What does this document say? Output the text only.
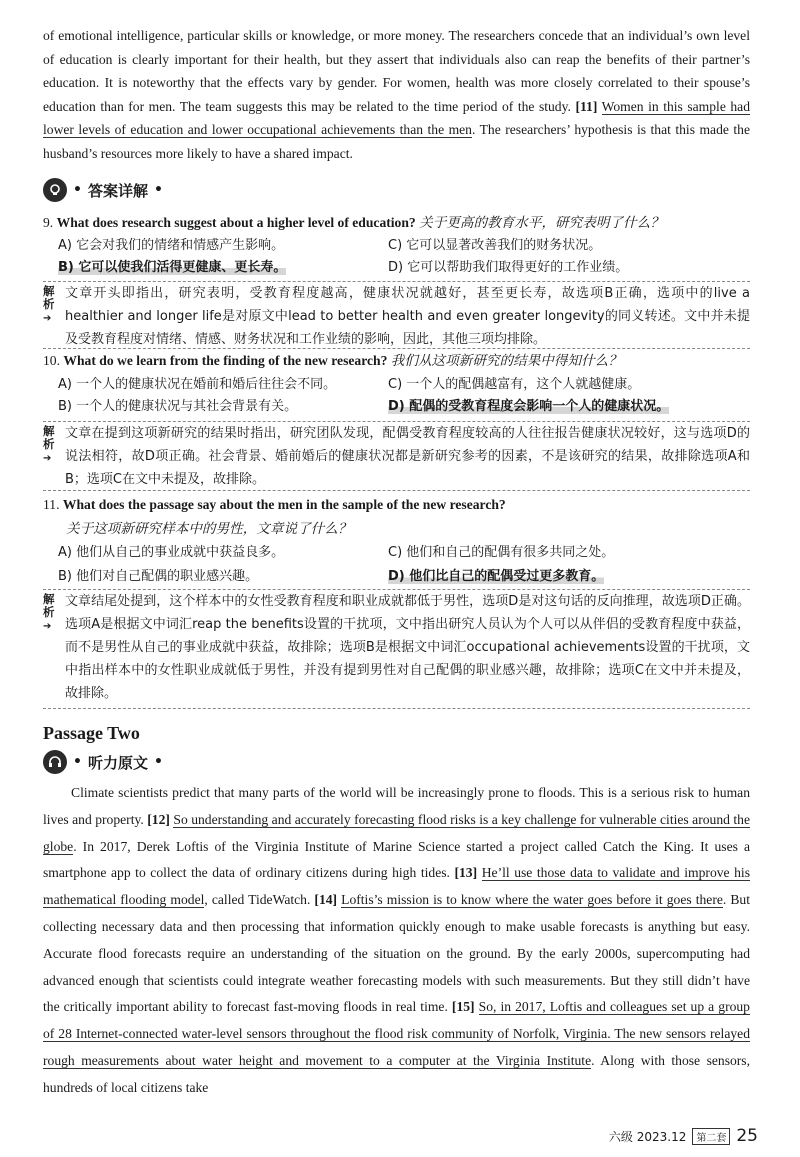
of emotional intelligence, particular skills or knowledge, or more money. The researchers concede that an individual’s own level of education is clearly important for their health, but they assert that individuals also can reap the benefits of their partner’s education. It is noteworthy that the effects vary by gender. For women, health was more closely correlated to their spouse’s education than for men. The team suggests this may be related to the time period of the study. [11] Women in this sample had lower levels of education and lower occupational achievements than the men. The researchers’ hypothesis is that this made the husband’s resources more likely to have a shared impact.
• 答案详解 •
9. What does research suggest about a higher level of education? 关于更高的教育水平，研究表明了什么？
A) 它会对我们的情绪和情感产生影响。	C) 它可以显著改善我们的财务状况。
B) 它可以使我们活得更健康、更长寿。	D) 它可以帮助我们取得更好的工作业绩。
解析➔
文章开头即指出，研究表明，受教育程度越高，健康状况就越好，甚至更长寿，故选项B正确，选项中的live a healthier and longer life是对原文中lead to better health and even greater longevity的同义转述。文中并未提及受教育程度对情绪、情感、财务状况和工作业绩的影响，因此，其他三项均排除。
10. What do we learn from the finding of the new research? 我们从这项新研究的结果中得知什么？
A) 一个人的健康状况在婚前和婚后往往会不同。	C) 一个人的配偶越富有，这个人就越健康。
B) 一个人的健康状况与其社会背景有关。	D) 配偶的受教育程度会影响一个人的健康状况。
解析➔
文章在提到这项新研究的结果时指出，研究团队发现，配偶受教育程度较高的人往往报告健康状况较好，这与选项D的说法相符，故D项正确。社会背景、婚前婚后的健康状况都是新研究参考的因素，不是该研究的结果，故排除选项A和B；选项C在文中未提及，故排除。
11. What does the passage say about the men in the sample of the new research?
关于这项新研究样本中的男性，文章说了什么？
A) 他们从自己的事业成就中获益良多。	C) 他们和自己的配偶有很多共同之处。
B) 他们对自己配偶的职业感兴趣。	D) 他们比自己的配偶受过更多教育。
解析➔
文章结尾处提到，这个样本中的女性受教育程度和职业成就都低于男性，选项D是对这句话的反向推理，故选项D正确。选项A是根据文中词汇reap the benefits设置的干扰项，文中指出研究人员认为个人可以从伴侣的受教育程度中获益，而不是男性从自己的事业成就中获益，故排除；选项B是根据文中词汇occupational achievements设置的干扰项，文中指出样本中的女性职业成就低于男性，并没有提到男性对自己配偶的职业感兴趣，故排除；选项C在文中并未提及，故排除。
Passage Two
• 听力原文 •
Climate scientists predict that many parts of the world will be increasingly prone to floods. This is a serious risk to human lives and property. [12] So understanding and accurately forecasting flood risks is a key challenge for vulnerable cities around the globe. In 2017, Derek Loftis of the Virginia Institute of Marine Science started a project called Catch the King. It uses a smartphone app to collect the data of ordinary citizens during high tides. [13] He’ll use those data to validate and improve his mathematical flooding model, called TideWatch. [14] Loftis’s mission is to know where the water goes before it goes there. But collecting necessary data and then processing that information quickly enough to make usable forecasts is anything but easy. Accurate flood forecasts require an understanding of the situation on the ground. By the early 2000s, supercomputing had advanced enough that scientists could integrate weather forecasting models with such measurements. But they still didn’t have the critically important ability to forecast fast-moving floods in real time. [15] So, in 2017, Loftis and colleagues set up a group of 28 Internet-connected water-level sensors throughout the flood risk community of Norfolk, Virginia. The new sensors relayed rough measurements about water height and movement to a computer at the Virginia Institute. Along with those sensors, hundreds of local citizens take
六级 2023.12	第二套 25
